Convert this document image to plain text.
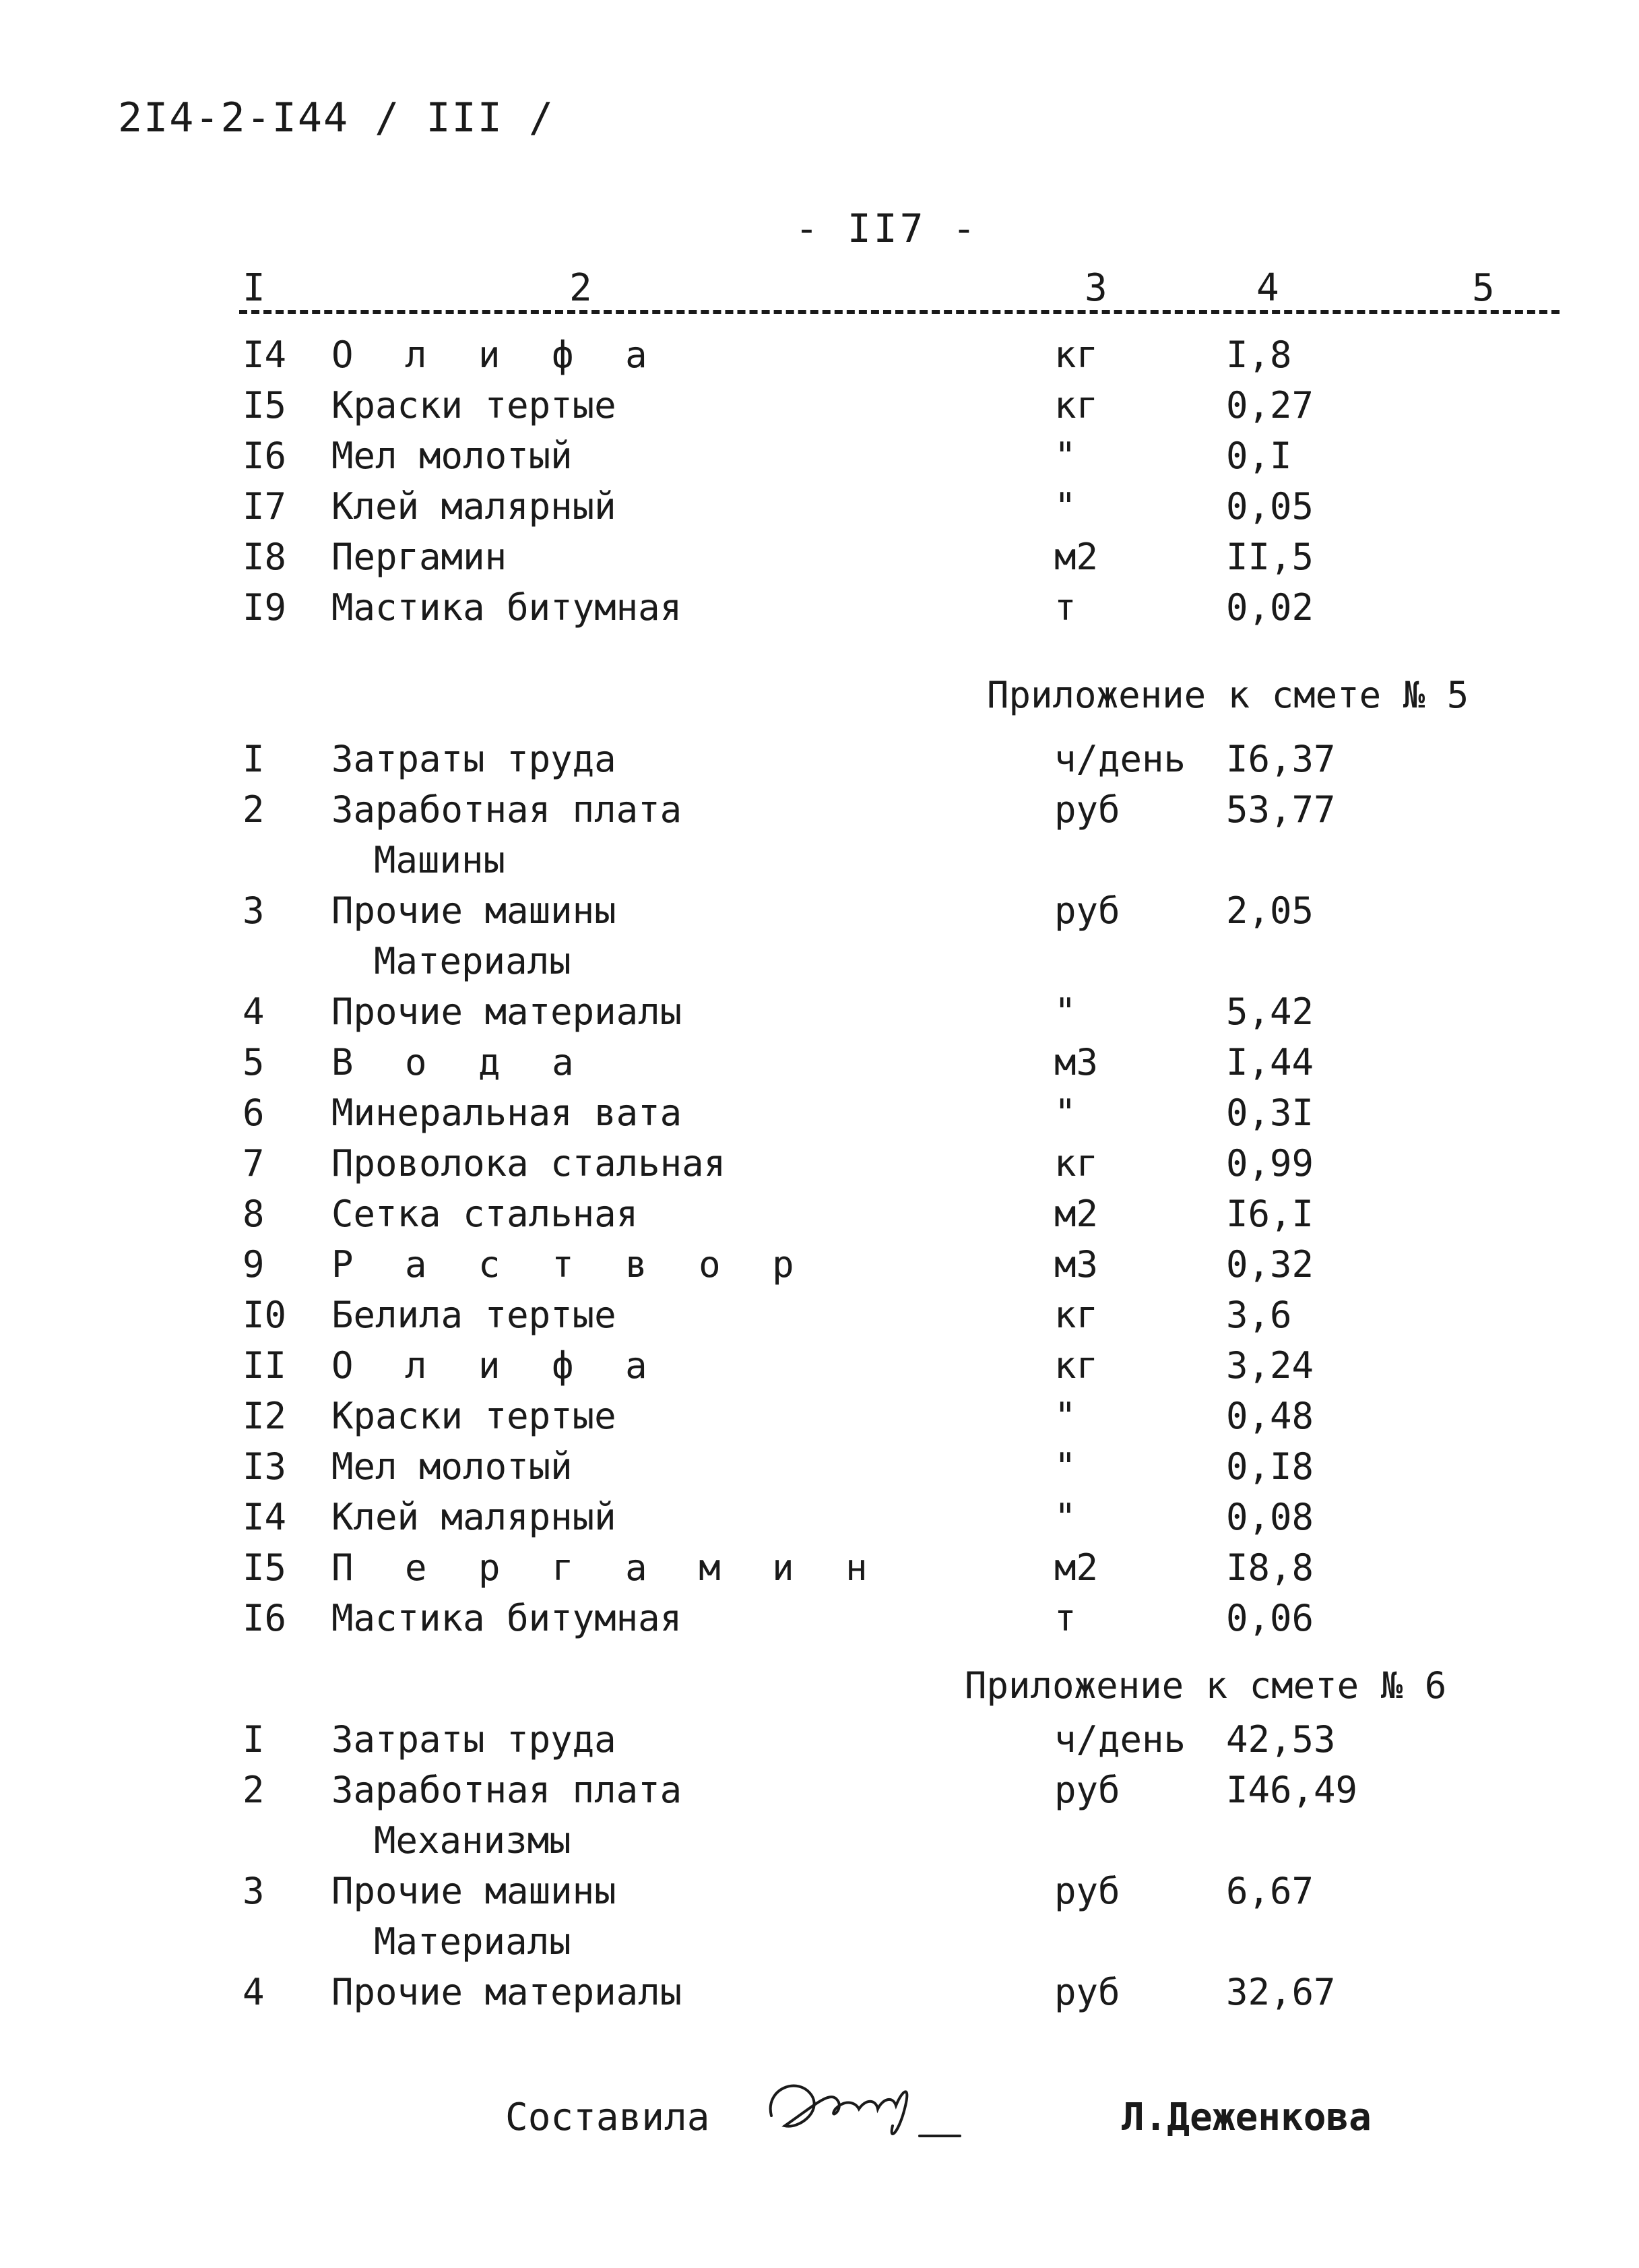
2I4-2-I44 / III /
- II7 -
I	2	3	4	5
I4 О л и ф а	кг	I,8
I5 Краски тертые	кг	0,27
I6 Мел молотый	"	0,I
I7 Клей малярный	"	0,05
I8 Пергамин	м2	II,5
I9 Мастика битумная	т	0,02
Приложение к смете № 5
I Затраты труда	ч/день I6,37
2 Заработная плата	руб	53,77
Машины
3 Прочие машины	руб	2,05
Материалы
4 Прочие материалы	"	5,42
5 В о д а	м3	I,44
6 Минеральная вата	"	0,3I
7 Проволока стальная	кг	0,99
8 Сетка стальная	м2	I6,I
9 Р а с т в о р	м3	0,32
I0 Белила тертые	кг	3,6
II О л и ф а	кг	3,24
I2 Краски тертые	"	0,48
I3 Мел молотый	"	0,I8
I4 Клей малярный	"	0,08
I5 П е р г а м и н	м2	I8,8
I6 Мастика битумная	т	0,06
Приложение к смете № 6
I Затраты труда	ч/день 42,53
2 Заработная плата	руб	I46,49
Механизмы
3 Прочие машины	руб	6,67
Материалы
4 Прочие материалы	руб	32,67
Составила	Л.Деженкова
